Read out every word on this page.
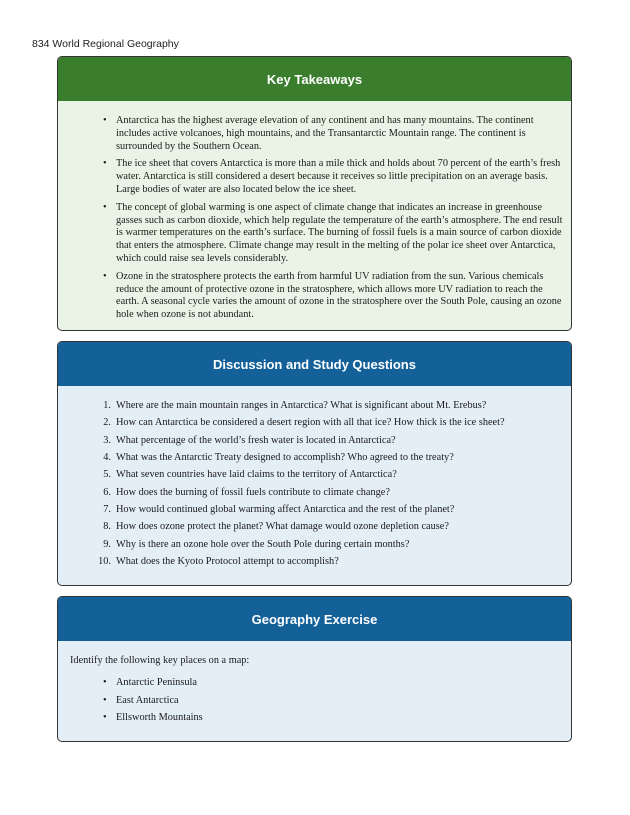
834 World Regional Geography
Key Takeaways
• Antarctica has the highest average elevation of any continent and has many mountains. The continent includes active volcanoes, high mountains, and the Transantarctic Mountain range. The continent is surrounded by the Southern Ocean.
• The ice sheet that covers Antarctica is more than a mile thick and holds about 70 percent of the earth’s fresh water. Antarctica is still considered a desert because it receives so little precipitation on an average basis. Large bodies of water are also located below the ice sheet.
• The concept of global warming is one aspect of climate change that indicates an increase in greenhouse gasses such as carbon dioxide, which help regulate the temperature of the earth’s atmosphere. The end result is warmer temperatures on the earth’s surface. The burning of fossil fuels is a main source of carbon dioxide that enters the atmosphere. Climate change may result in the melting of the polar ice sheet over Antarctica, which could raise sea levels considerably.
• Ozone in the stratosphere protects the earth from harmful UV radiation from the sun. Various chemicals reduce the amount of protective ozone in the stratosphere, which allows more UV radiation to reach the earth. A seasonal cycle varies the amount of ozone in the stratosphere over the South Pole, causing an ozone hole when ozone is not abundant.
Discussion and Study Questions
1. Where are the main mountain ranges in Antarctica? What is significant about Mt. Erebus?
2. How can Antarctica be considered a desert region with all that ice? How thick is the ice sheet?
3. What percentage of the world’s fresh water is located in Antarctica?
4. What was the Antarctic Treaty designed to accomplish? Who agreed to the treaty?
5. What seven countries have laid claims to the territory of Antarctica?
6. How does the burning of fossil fuels contribute to climate change?
7. How would continued global warming affect Antarctica and the rest of the planet?
8. How does ozone protect the planet? What damage would ozone depletion cause?
9. Why is there an ozone hole over the South Pole during certain months?
10. What does the Kyoto Protocol attempt to accomplish?
Geography Exercise

Identify the following key places on a map:

• Antarctic Peninsula
• East Antarctica
• Ellsworth Mountains
